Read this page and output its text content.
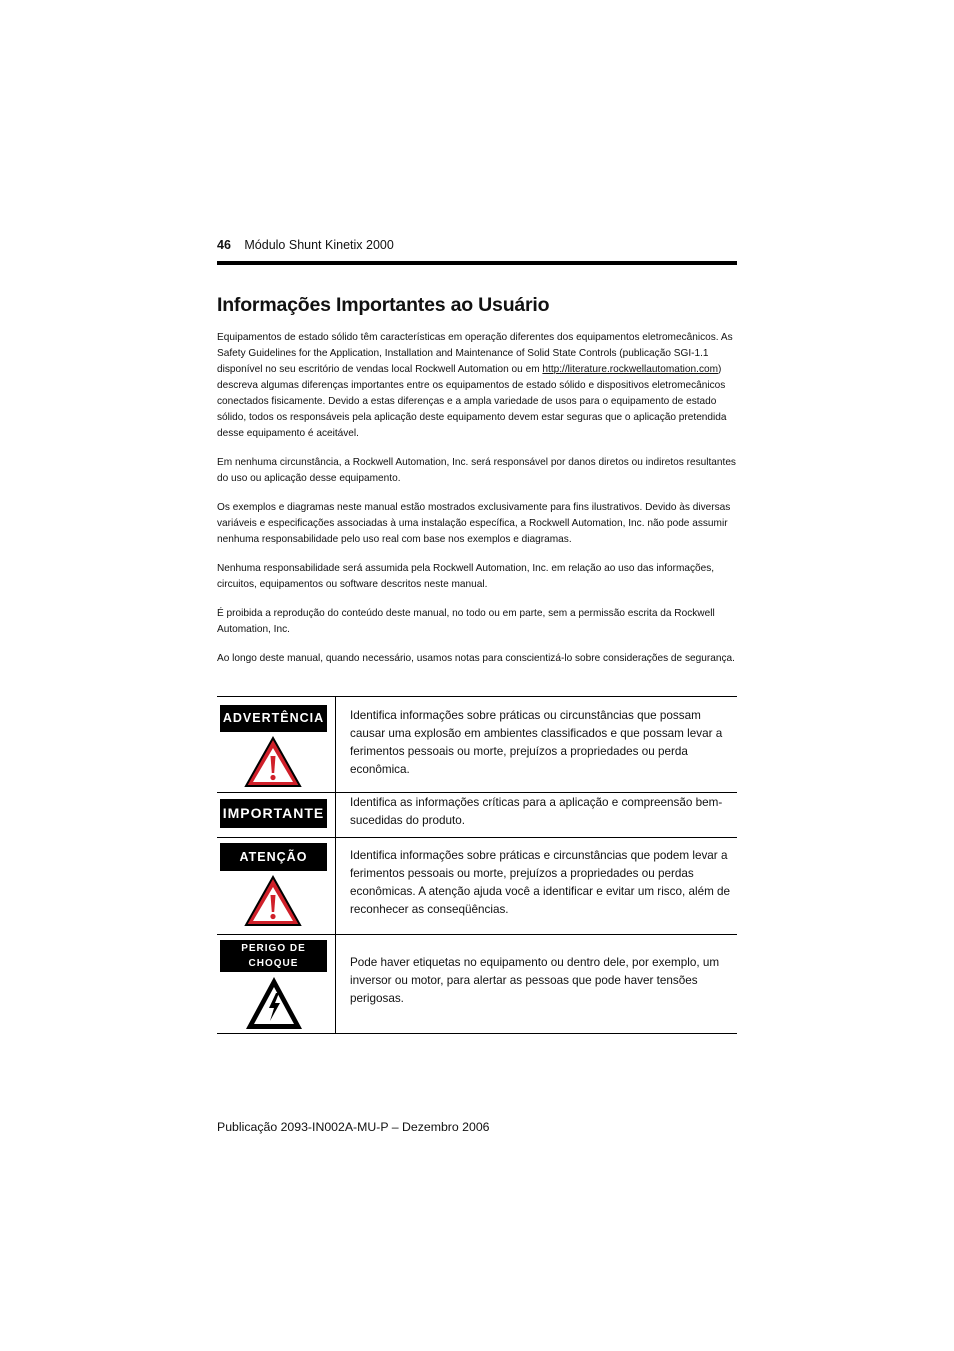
46 Módulo Shunt Kinetix 2000
Informações Importantes ao Usuário

Equipamentos de estado sólido têm características em operação diferentes dos equipamentos eletromecânicos. As Safety Guidelines for the Application, Installation and Maintenance of Solid State Controls (publicação SGI-1.1 disponível no seu escritório de vendas local Rockwell Automation ou em http://literature.rockwellautomation.com) descreva algumas diferenças importantes entre os equipamentos de estado sólido e dispositivos eletromecânicos conectados fisicamente. Devido a estas diferenças e a ampla variedade de usos para o equipamento de estado sólido, todos os responsáveis pela aplicação deste equipamento devem estar seguras que o aplicação pretendida desse equipamento é aceitável.

Em nenhuma circunstância, a Rockwell Automation, Inc. será responsável por danos diretos ou indiretos resultantes do uso ou aplicação desse equipamento.

Os exemplos e diagramas neste manual estão mostrados exclusivamente para fins ilustrativos. Devido às diversas variáveis e especificações associadas à uma instalação específica, a Rockwell Automation, Inc. não pode assumir nenhuma responsabilidade pelo uso real com base nos exemplos e diagramas.

Nenhuma responsabilidade será assumida pela Rockwell Automation, Inc. em relação ao uso das informações, circuitos, equipamentos ou software descritos neste manual.

É proibida a reprodução do conteúdo deste manual, no todo ou em parte, sem a permissão escrita da Rockwell Automation, Inc.

Ao longo deste manual, quando necessário, usamos notas para conscientizá-lo sobre considerações de segurança.

ADVERTÊNCIA	Identifica informações sobre práticas ou circunstâncias que possam causar uma explosão em ambientes classificados e que possam levar a ferimentos pessoais ou morte, prejuízos a propriedades ou perda econômica.

IMPORTANTE	Identifica as informações críticas para a aplicação e compreensão bem-sucedidas do produto.

ATENÇÃO	Identifica informações sobre práticas e circunstâncias que podem levar a ferimentos pessoais ou morte, prejuízos a propriedades ou perdas econômicas. A atenção ajuda você a identificar e evitar um risco, além de reconhecer as conseqüências.

PERIGO DE
CHOQUE	Pode haver etiquetas no equipamento ou dentro dele, por exemplo, um inversor ou motor, para alertar as pessoas que pode haver tensões perigosas.
Publicação 2093-IN002A-MU-P – Dezembro 2006
